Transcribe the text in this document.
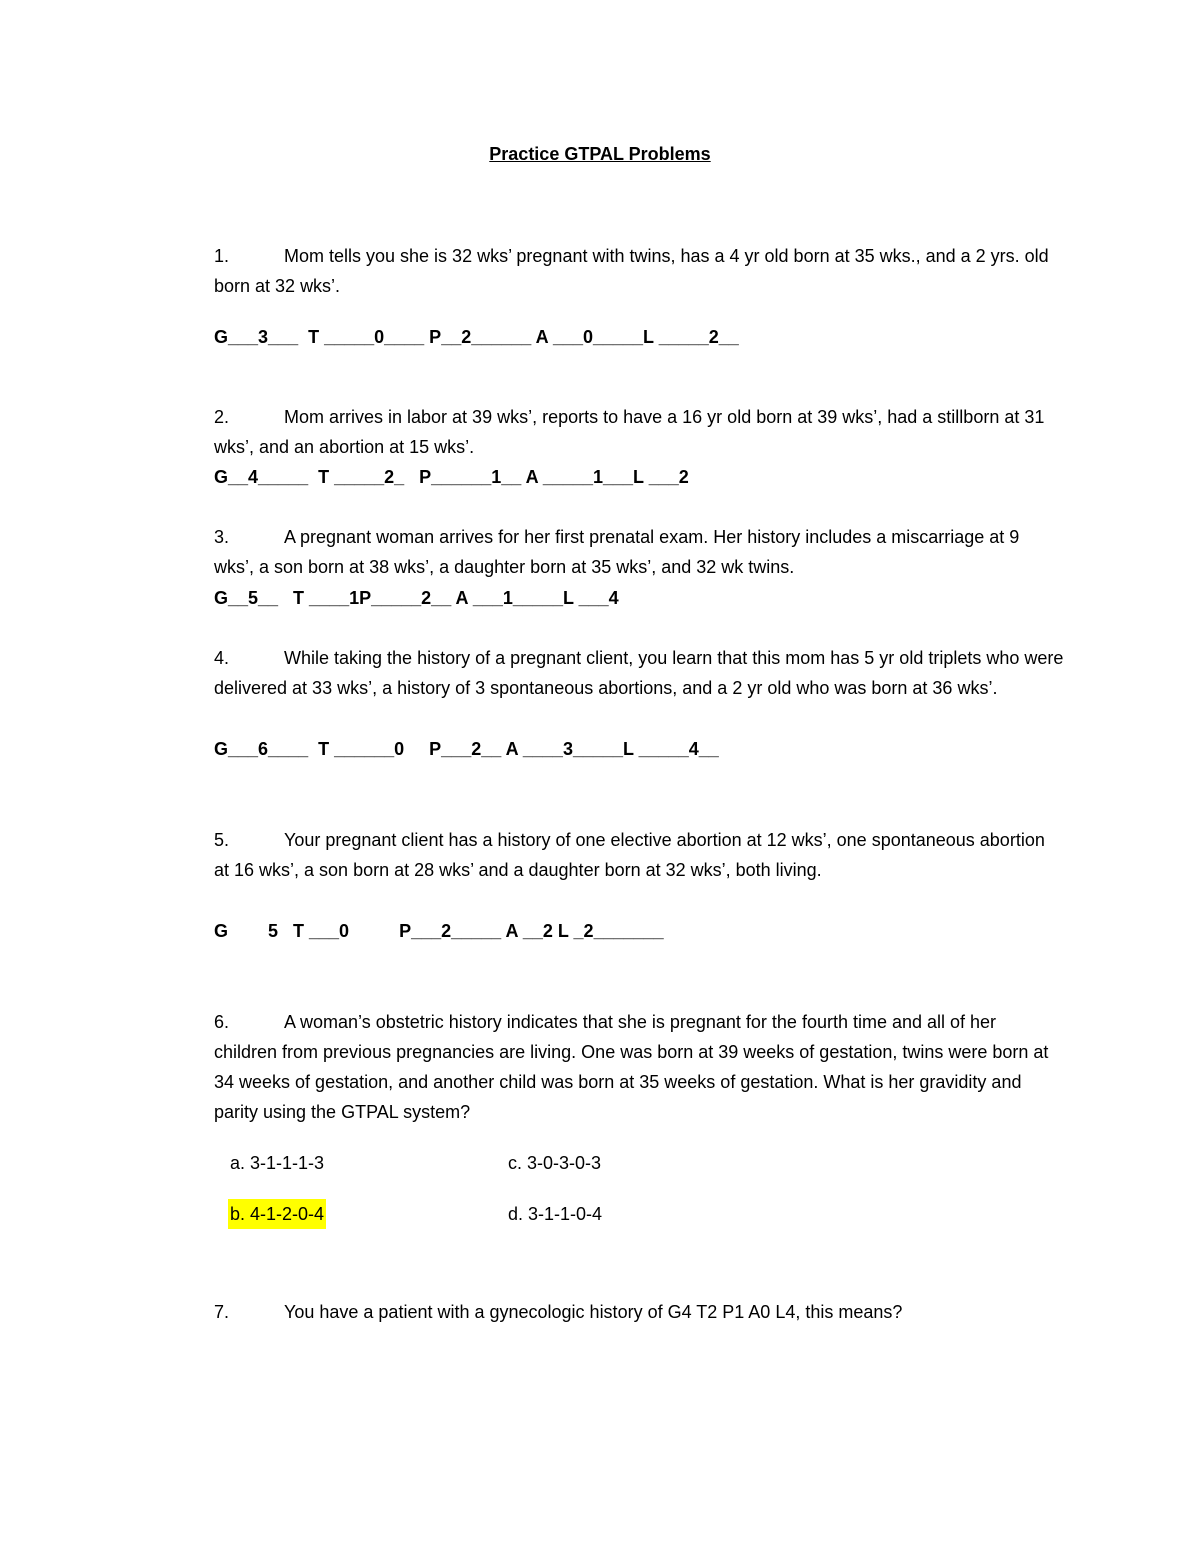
Practice GTPAL Problems
1.	Mom tells you she is 32 wks’ pregnant with twins, has a 4 yr old born at 35 wks., and a 2 yrs. old born at 32 wks’.
G___3___  T _____0____ P__2______ A ___0_____L _____2__
2.	Mom arrives in labor at 39 wks’, reports to have a 16 yr old born at 39 wks’, had a stillborn at 31 wks’, and an abortion at 15 wks’.
G__4_____  T _____2_   P______1__ A _____1___L ___2
3.	A pregnant woman arrives for her first prenatal exam. Her history includes a miscarriage at 9 wks’, a son born at 38 wks’, a daughter born at 35 wks’, and 32 wk twins.
G__5__   T ____1P_____2__ A ___1_____L ___4
4.	While taking the history of a pregnant client, you learn that this mom has 5 yr old triplets who were delivered at 33 wks’, a history of 3 spontaneous abortions, and a 2 yr old who was born at 36 wks’.
G___6____  T ______0     P___2__ A ____3_____L _____4__
5.	Your pregnant client has a history of one elective abortion at 12 wks’, one spontaneous abortion at 16 wks’, a son born at 28 wks’ and a daughter born at 32 wks’, both living.
G        5   T ___0          P___2_____ A __2 L _2_______
6.	A woman’s obstetric history indicates that she is pregnant for the fourth time and all of her children from previous pregnancies are living. One was born at 39 weeks of gestation, twins were born at 34 weeks of gestation, and another child was born at 35 weeks of gestation. What is her gravidity and parity using the GTPAL system?
a. 3-1-1-1-3	c. 3-0-3-0-3
b. 4-1-2-0-4	d. 3-1-1-0-4
7.	You have a patient with a gynecologic history of G4 T2 P1 A0 L4, this means?
